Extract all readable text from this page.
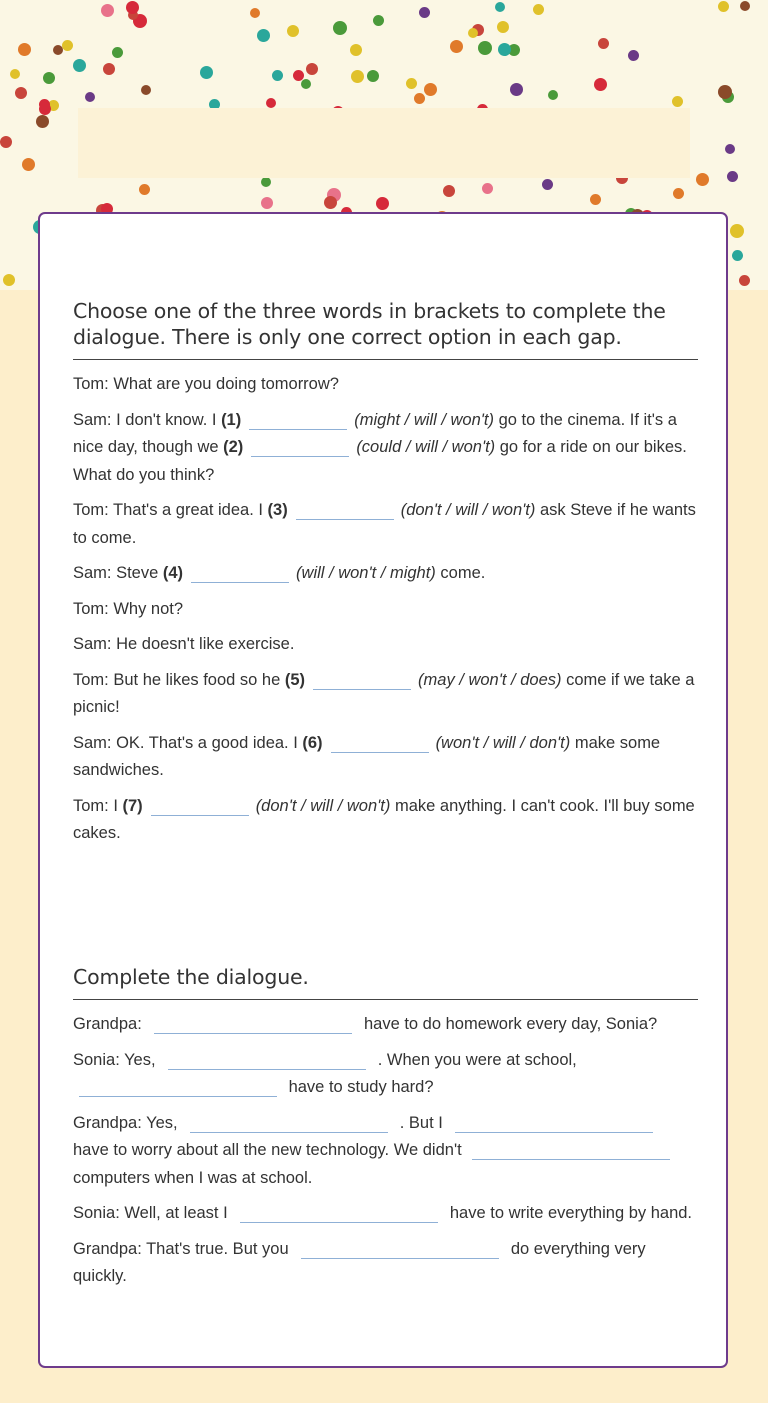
Choose one of the three words in brackets to complete the dialogue. There is only one correct option in each gap.
Tom: What are you doing tomorrow?
Sam: I don't know. I (1)	(might / will / won't) go to the cinema. If it's a nice day, though we (2)	(could / will / won't) go for a ride on our bikes. What do you think?
Tom: That's a great idea. I (3)	(don't / will / won't) ask Steve if he wants to come.
Sam: Steve (4)	(will / won't / might) come.
Tom: Why not?
Sam: He doesn't like exercise.
Tom: But he likes food so he (5)	(may / won't / does) come if we take a picnic!
Sam: OK. That's a good idea. I (6)	(won't / will / don't) make some sandwiches.
Tom: I (7)	(don't / will / won't) make anything. I can't cook. I'll buy some cakes.
Complete the dialogue.
Grandpa:	have to do homework every day, Sonia?
Sonia: Yes,	. When you were at school,  have to study hard?
Grandpa: Yes,	. But I  have to worry about all the new technology. We didn't  computers when I was at school.
Sonia: Well, at least I	have to write everything by hand.
Grandpa: That's true. But you	do everything very quickly.
